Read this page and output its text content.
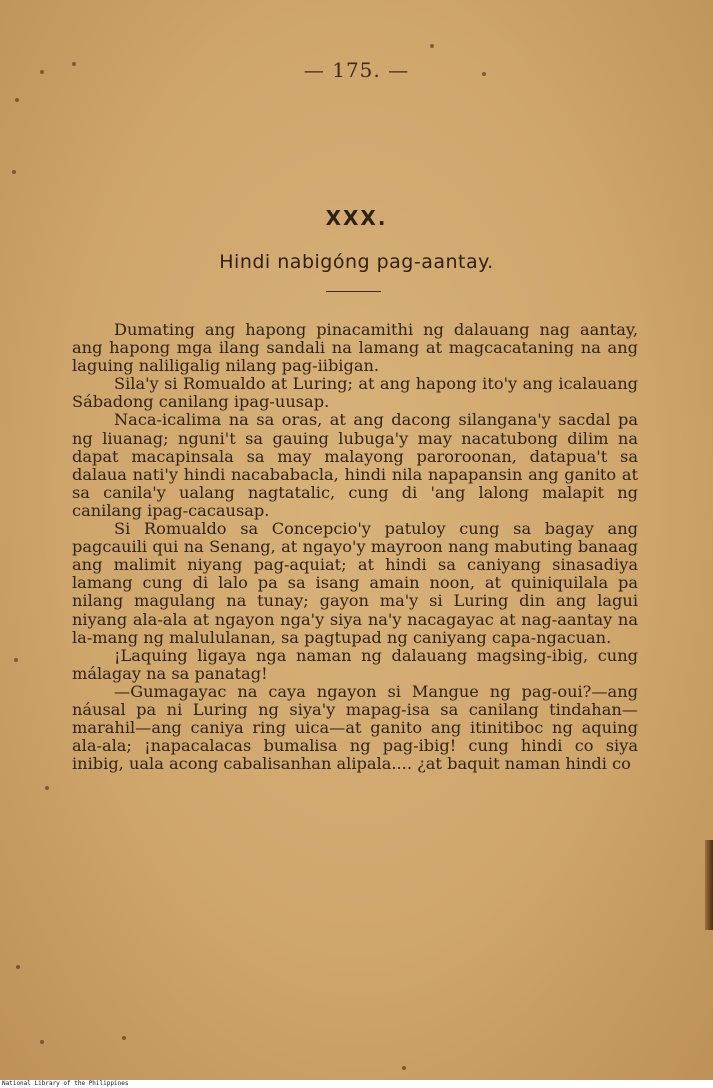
— 175. —
XXX.
Hindi nabigóng pag-aantay.

Dumating ang hapong pinacamithi ng dalauang nag aantay, ang hapong mga ilang sandali na lamang at magcacataning na ang laguing naliligalig nilang pag-iibigan.

Sila'y si Romualdo at Luring; at ang hapong ito'y ang icalauang Sábadong canilang ipag-uusap.

Naca-icalima na sa oras, at ang dacong silangana'y sacdal pa ng liuanag; nguni't sa gauing lubuga'y may nacatubong dilim na dapat macapinsala sa may malayong paroroonan, datapua't sa dalaua nati'y hindi nacababacla, hindi nila napapansin ang ganito at sa canila'y ualang nagtatalic, cung di 'ang lalong malapit ng canilang ipag-cacausap.

Si Romualdo sa Concepcio'y patuloy cung sa bagay ang pagcauili qui na Senang, at ngayo'y mayroon nang mabuting banaag ang malimit niyang pag-aquiat; at hindi sa caniyang sinasadiya lamang cung di lalo pa sa isang amain noon, at quiniquilala pa nilang magulang na tunay; gayon ma'y si Luring din ang lagui niyang ala-ala at ngayon nga'y siya na'y nacagayac at nag-aantay na la-mang ng malululanan, sa pagtupad ng caniyang capa-ngacuan.

¡Laquing ligaya nga naman ng dalauang magsing-ibig, cung málagay na sa panatag!

—Gumagayac na caya ngayon si Mangue ng pag-oui?—ang náusal pa ni Luring ng siya'y mapag-isa sa canilang tindahan—marahil—ang caniya ring uica—at ganito ang itinitiboc ng aquing ala-ala; ¡napacalacas bumalisa ng pag-ibig! cung hindi co siya inibig, uala acong cabalisanhan alipala.... ¿at baquit naman hindi co

National Library of the Philippines
